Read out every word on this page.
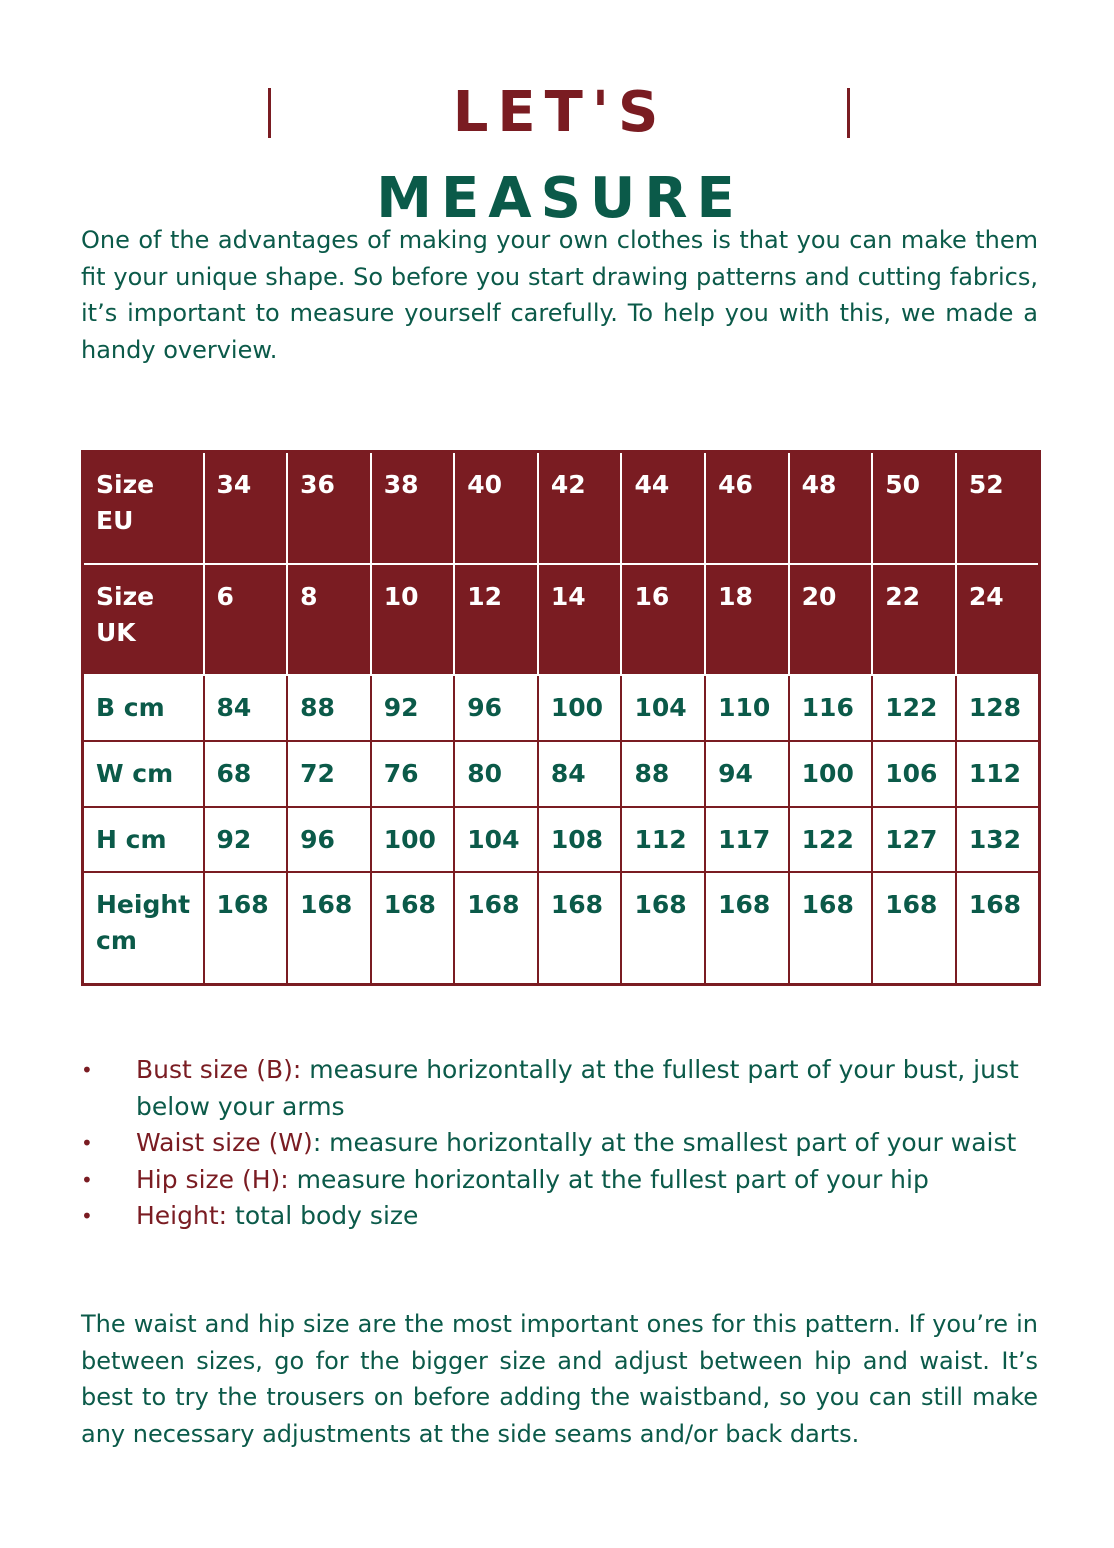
LET'S MEASURE

One of the advantages of making your own clothes is that you can make them fit your unique shape. So before you start drawing patterns and cutting fabrics, it’s important to measure yourself carefully. To help you with this, we made a handy overview.

Size
EU	34	36	38	40	42	44	46	48	50	52

Size
UK	6	8	10	12	14	16	18	20	22	24

B cm	84	88	92	96	100	104	110	116	122	128

W cm	68	72	76	80	84	88	94	100	106	112

H cm	92	96	100	104	108	112	117	122	127	132

Height
cm	168	168	168	168	168	168	168	168	168	168
• Bust size (B): measure horizontally at the fullest part of your bust, just below your arms
• Waist size (W): measure horizontally at the smallest part of your waist
• Hip size (H): measure horizontally at the fullest part of your hip
• Height: total body size

The waist and hip size are the most important ones for this pattern. If you’re in between sizes, go for the bigger size and adjust between hip and waist. It’s best to try the trousers on before adding the waistband, so you can still make any necessary adjustments at the side seams and/or back darts.
